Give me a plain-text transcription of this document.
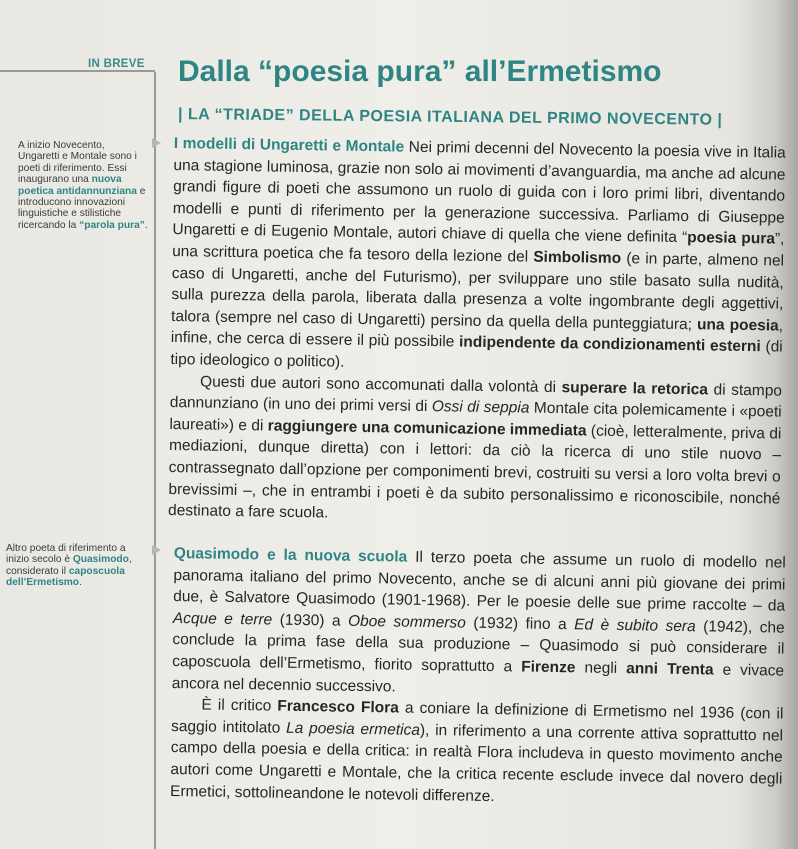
IN BREVE Dalla “poesia pura” all’Ermetismo
| LA “TRIADE” DELLA POESIA ITALIANA DEL PRIMO NOVECENTO |
A inizio Novecento, Ungaretti e Montale sono i poeti di riferimento. Essi inaugurano una nuova poetica antidannunziana e introducono innovazioni linguistiche e stilistiche ricercando la “parola pura”.
Altro poeta di riferimento a inizio secolo è Quasimodo, considerato il caposcuola dell’Ermetismo.

I modelli di Ungaretti e Montale Nei primi decenni del Novecento la poesia vive in Italia una stagione luminosa, grazie non solo ai movimenti d’avanguardia, ma anche ad alcune grandi figure di poeti che assumono un ruolo di guida con i loro primi libri, diventando modelli e punti di riferimento per la generazione successiva. Parliamo di Giuseppe Ungaretti e di Eugenio Montale, autori chiave di quella che viene definita “poesia pura”, una scrittura poetica che fa tesoro della lezione del Simbolismo (e in parte, almeno nel caso di Ungaretti, anche del Futurismo), per sviluppare uno stile basato sulla nudità, sulla purezza della parola, liberata dalla presenza a volte ingombrante degli aggettivi, talora (sempre nel caso di Ungaretti) persino da quella della punteggiatura; una poesia, infine, che cerca di essere il più possibile indipendente da condizionamenti esterni (di tipo ideologico o politico).

Questi due autori sono accomunati dalla volontà di superare la retorica di stampo dannunziano (in uno dei primi versi di Ossi di seppia Montale cita polemicamente i «poeti laureati») e di raggiungere una comunicazione immediata (cioè, letteralmente, priva di mediazioni, dunque diretta) con i lettori: da ciò la ricerca di uno stile nuovo – contrassegnato dall’opzione per componimenti brevi, costruiti su versi a loro volta brevi o brevissimi –, che in entrambi i poeti è da subito personalissimo e riconoscibile, nonché destinato a fare scuola.

Quasimodo e la nuova scuola Il terzo poeta che assume un ruolo di modello nel panorama italiano del primo Novecento, anche se di alcuni anni più giovane dei primi due, è Salvatore Quasimodo (1901-1968). Per le poesie delle sue prime raccolte – da Acque e terre (1930) a Oboe sommerso (1932) fino a Ed è subito sera (1942), che concludе la prima fase della sua produzione – Quasimodo si può considerare il caposcuola dell’Ermetismo, fiorito soprattutto a Firenze negli anni Trenta e vivace ancora nel decennio successivo.

È il critico Francesco Flora a coniare la definizione di Ermetismo nel 1936 (con il saggio intitolato La poesia ermetica), in riferimento a una corrente attiva soprattutto nel campo della poesia e della critica: in realtà Flora includeva in questo movimento anche autori come Ungaretti e Montale, che la critica recente esclude invece dal novero degli Ermetici, sottolineandone le notevoli differenze.
